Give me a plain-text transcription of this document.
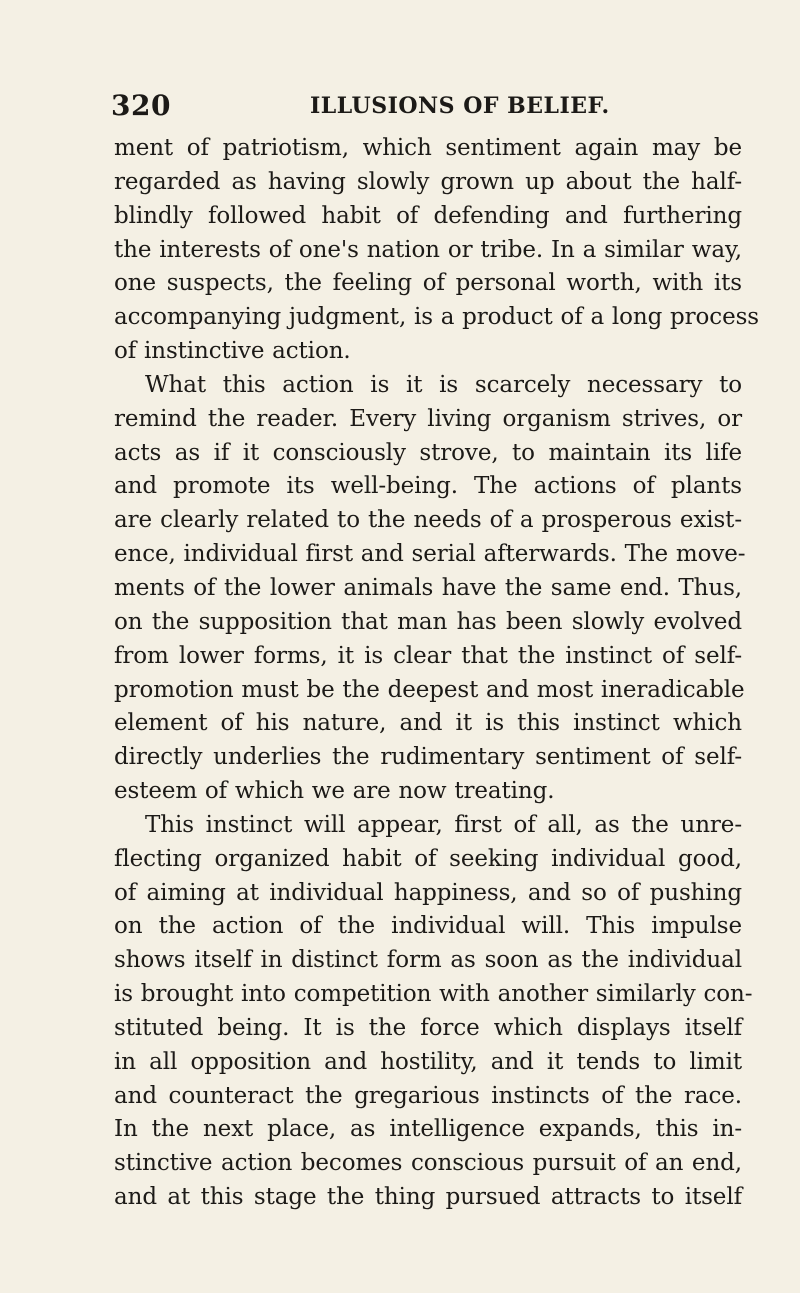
320	ILLUSIONS OF BELIEF.
ment of patriotism, which sentiment again may be
regarded as having slowly grown up about the half-
blindly followed habit of defending and furthering
the interests of one's nation or tribe. In a similar way,
one suspects, the feeling of personal worth, with its
accompanying judgment, is a product of a long process
of instinctive action.
What this action is it is scarcely necessary to
remind the reader. Every living organism strives, or
acts as if it consciously strove, to maintain its life
and promote its well-being. The actions of plants
are clearly related to the needs of a prosperous exist-
ence, individual first and serial afterwards. The move-
ments of the lower animals have the same end. Thus,
on the supposition that man has been slowly evolved
from lower forms, it is clear that the instinct of self-
promotion must be the deepest and most ineradicable
element of his nature, and it is this instinct which
directly underlies the rudimentary sentiment of self-
esteem of which we are now treating.
This instinct will appear, first of all, as the unre-
flecting organized habit of seeking individual good,
of aiming at individual happiness, and so of pushing
on the action of the individual will. This impulse
shows itself in distinct form as soon as the individual
is brought into competition with another similarly con-
stituted being. It is the force which displays itself
in all opposition and hostility, and it tends to limit
and counteract the gregarious instincts of the race.
In the next place, as intelligence expands, this in-
stinctive action becomes conscious pursuit of an end,
and at this stage the thing pursued attracts to itself
